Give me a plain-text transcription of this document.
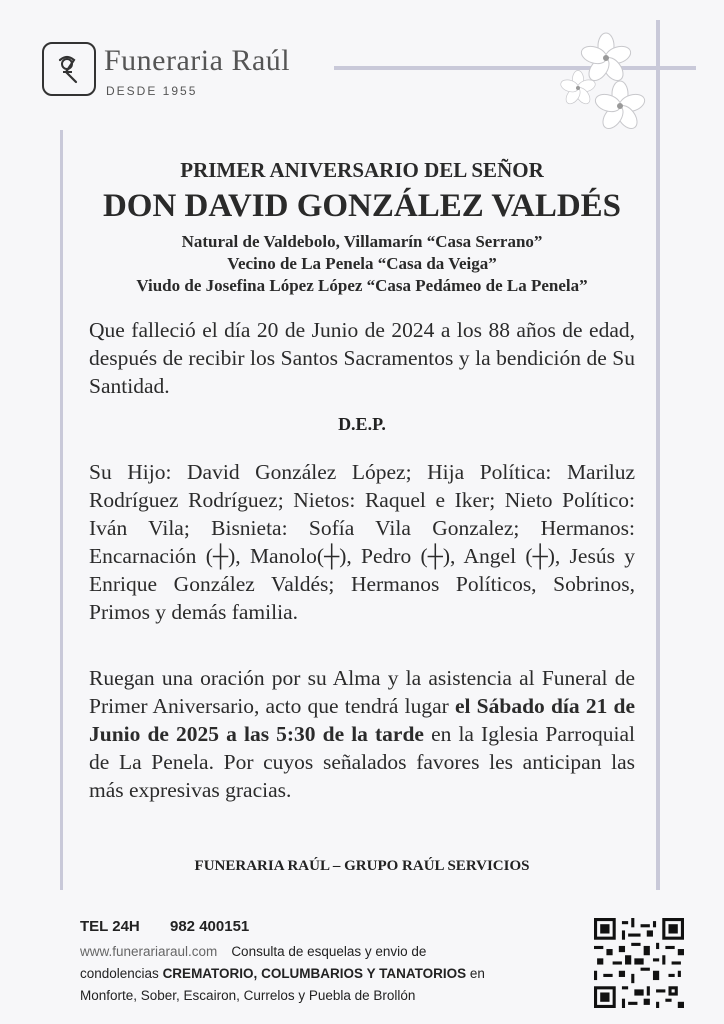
Funeraria Raúl
DESDE 1955
PRIMER ANIVERSARIO DEL SEÑOR
DON DAVID GONZÁLEZ VALDÉS
Natural de Valdebolo, Villamarín “Casa Serrano”
Vecino de La Penela “Casa da Veiga”
Viudo de Josefina López López “Casa Pedámeo de La Penela”
Que falleció el día 20 de Junio de 2024 a los 88 años de edad, después de recibir los Santos Sacramentos y la bendición de Su Santidad.
D.E.P.
Su Hijo: David González López; Hija Política: Mariluz Rodríguez Rodríguez; Nietos: Raquel e Iker; Nieto Político: Iván Vila; Bisnieta: Sofía Vila Gonzalez; Hermanos: Encarnación (┼), Manolo(┼), Pedro (┼), Angel (┼), Jesús y Enrique González Valdés; Hermanos Políticos, Sobrinos, Primos y demás familia.
Ruegan una oración por su Alma y la asistencia al Funeral de Primer Aniversario, acto que tendrá lugar el Sábado día 21 de Junio de 2025 a las 5:30 de la tarde en la Iglesia Parroquial de La Penela. Por cuyos señalados favores les anticipan las más expresivas gracias.
FUNERARIA RAÚL – GRUPO RAÚL SERVICIOS
TEL 24H 982 400151
www.funerariaraul.com Consulta de esquelas y envio de
condolencias CREMATORIO, COLUMBARIOS Y TANATORIOS en
Monforte, Sober, Escairon, Currelos y Puebla de Brollón
